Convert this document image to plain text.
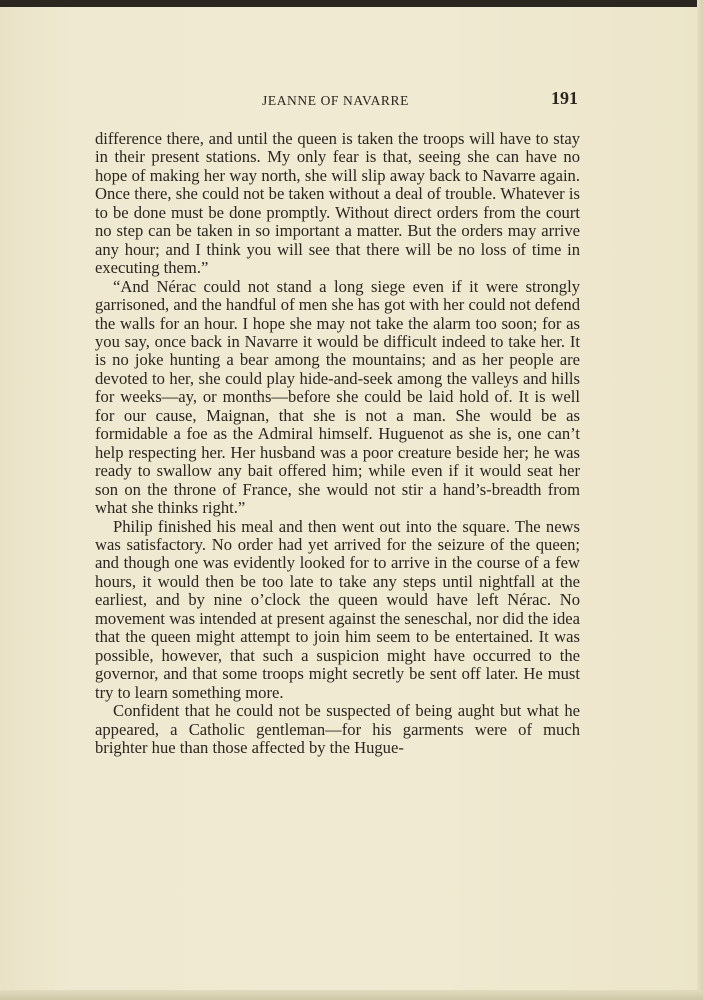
JEANNE OF NAVARRE	191

difference there, and until the queen is taken the troops will have to stay in their present stations. My only fear is that, seeing she can have no hope of making her way north, she will slip away back to Navarre again. Once there, she could not be taken without a deal of trouble. Whatever is to be done must be done promptly. Without direct orders from the court no step can be taken in so important a matter. But the orders may arrive any hour; and I think you will see that there will be no loss of time in executing them.”

“And Nérac could not stand a long siege even if it were strongly garrisoned, and the handful of men she has got with her could not defend the walls for an hour. I hope she may not take the alarm too soon; for as you say, once back in Navarre it would be difficult indeed to take her. It is no joke hunting a bear among the mountains; and as her people are devoted to her, she could play hide-and-seek among the valleys and hills for weeks—ay, or months—before she could be laid hold of. It is well for our cause, Maignan, that she is not a man. She would be as formidable a foe as the Admiral himself. Huguenot as she is, one can’t help respecting her. Her husband was a poor creature beside her; he was ready to swallow any bait offered him; while even if it would seat her son on the throne of France, she would not stir a hand’s-breadth from what she thinks right.”

Philip finished his meal and then went out into the square. The news was satisfactory. No order had yet arrived for the seizure of the queen; and though one was evidently looked for to arrive in the course of a few hours, it would then be too late to take any steps until nightfall at the earliest, and by nine o’clock the queen would have left Nérac. No movement was intended at present against the seneschal, nor did the idea that the queen might attempt to join him seem to be entertained. It was possible, however, that such a suspicion might have occurred to the governor, and that some troops might secretly be sent off later. He must try to learn something more.

Confident that he could not be suspected of being aught but what he appeared, a Catholic gentleman—for his garments were of much brighter hue than those affected by the Hugue-
